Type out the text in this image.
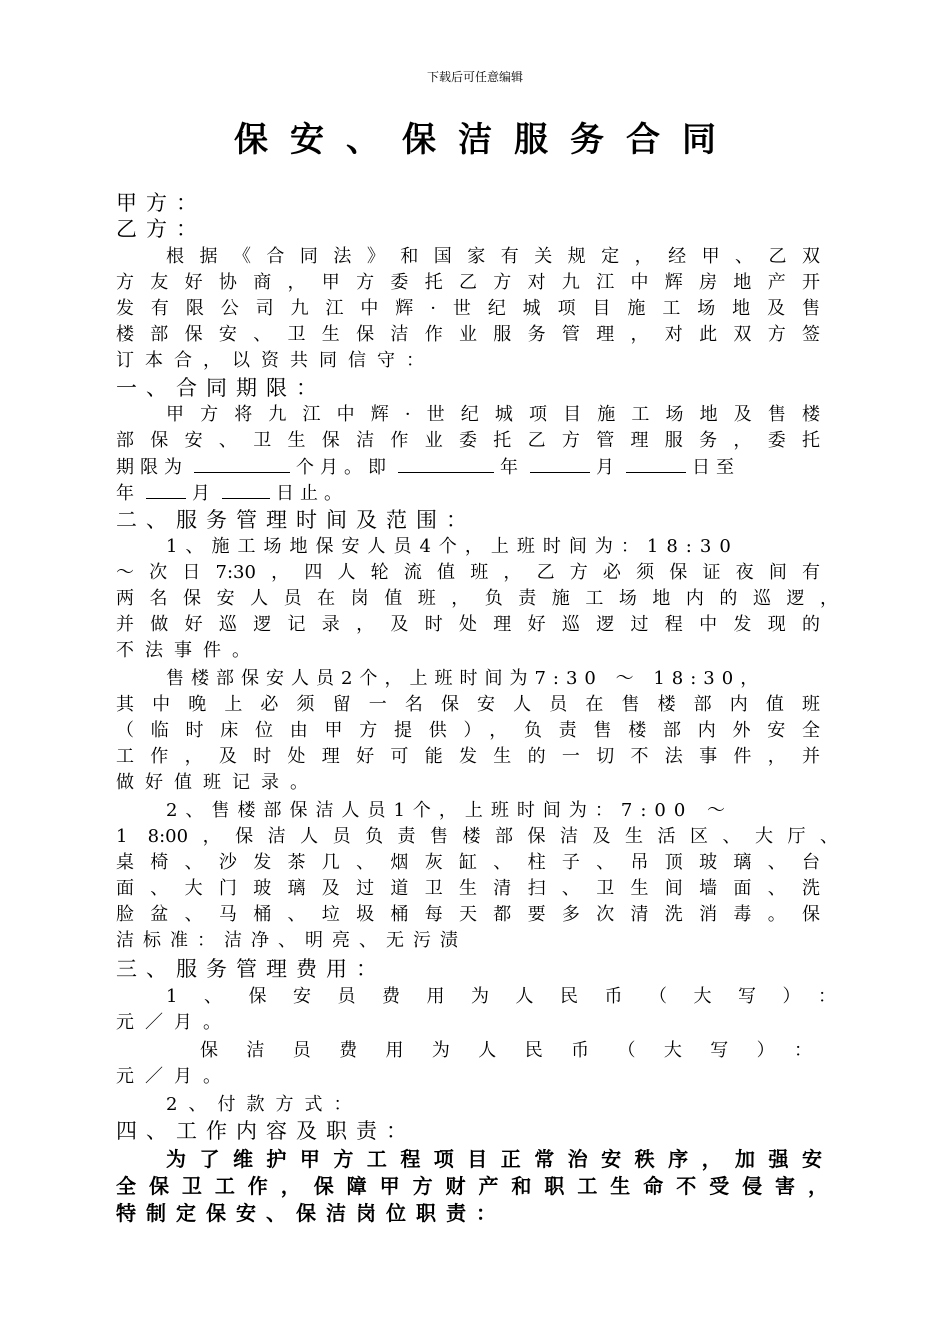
下载后可任意编辑
保安、保洁服务合同
甲方：
乙方：
根据《合同法》和国家有关规定，经甲、乙双
方友好协商，甲方委托乙方对九江中辉房地产开
发有限公司九江中辉·世纪城项目施工场地及售
楼部保安、卫生保洁作业服务管理，对此双方签
订本合，以资共同信守：
一、合同期限：
甲方将九江中辉·世纪城项目施工场地及售楼
部保安、卫生保洁作业委托乙方管理服务，委托
期限为	个月。即	年	月	日至
年	月	日止。
二、服务管理时间及范围：
1、施工场地保安人员4个，上班时间为：18:30
～次日7:30，四人轮流值班，乙方必须保证夜间有
两名保安人员在岗值班，负责施工场地内的巡逻，
并做好巡逻记录，及时处理好巡逻过程中发现的
不法事件。
售楼部保安人员2个，上班时间为7:30 ～ 18:30，
其中晚上必须留一名保安人员在售楼部内值班
（临时床位由甲方提供），负责售楼部内外安全
工作，及时处理好可能发生的一切不法事件，并
做好值班记录。
2、售楼部保洁人员1个，上班时间为：7:00 ～
1 8:00，保洁人员负责售楼部保洁及生活区、大厅、
桌椅、沙发茶几、烟灰缸、柱子、吊顶玻璃、台
面、大门玻璃及过道卫生清扫、卫生间墙面、洗
脸盆、马桶、垃圾桶每天都要多次清洗消毒。保
洁标准：洁净、明亮、无污渍
三、服务管理费用：
1、保安员费用为人民币（大写）：
元／月。
保洁员费用为人民币（大写）：
元／月。
2、付款方式：
四、工作内容及职责：
为了维护甲方工程项目正常治安秩序，加强安
全保卫工作，保障甲方财产和职工生命不受侵害，
特制定保安、保洁岗位职责：
